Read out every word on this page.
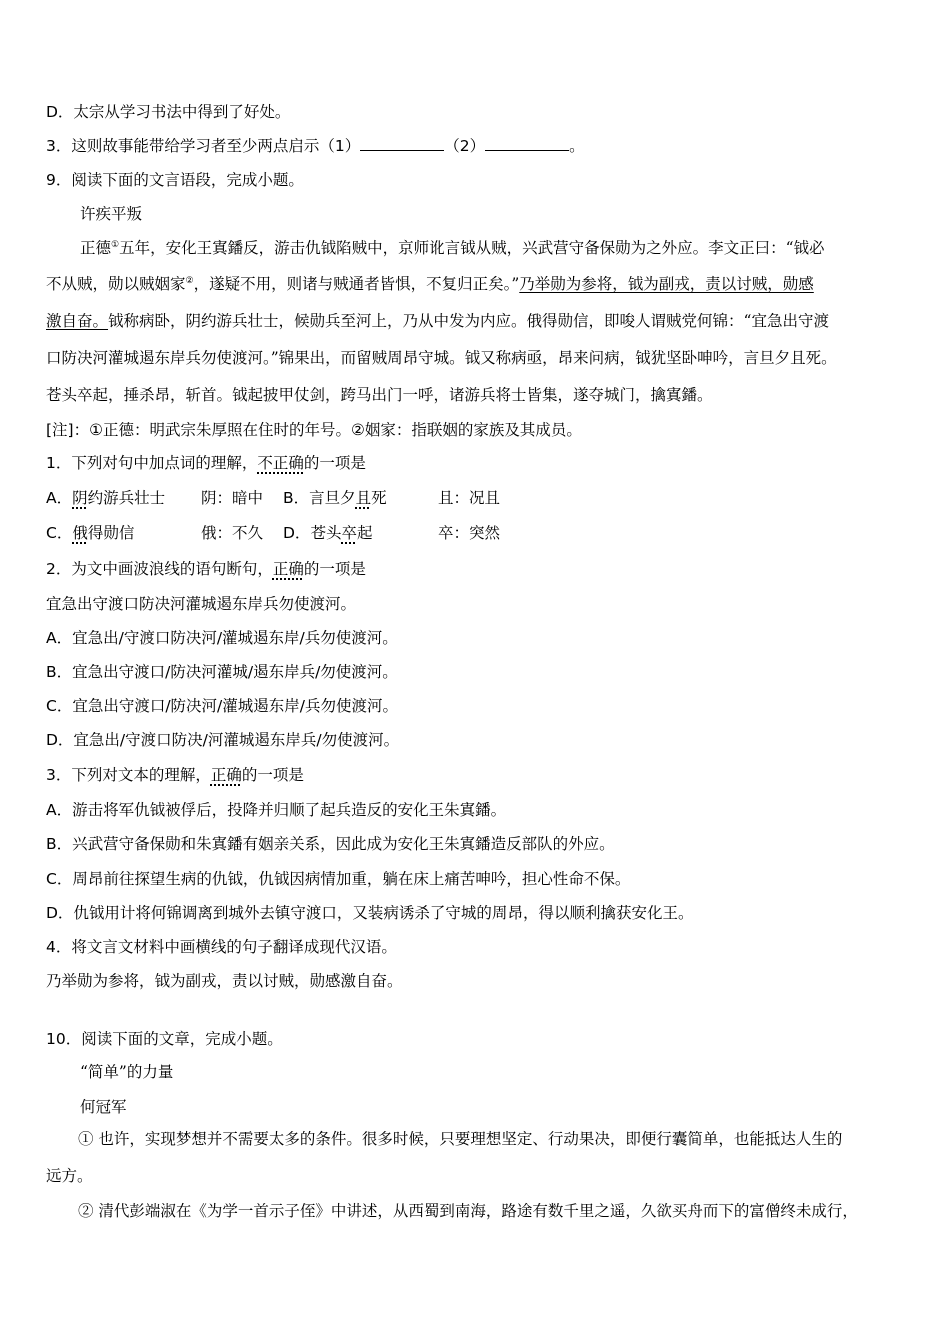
D．太宗从学习书法中得到了好处。
3．这则故事能带给学习者至少两点启示（1）	（2）	。
9．阅读下面的文言语段，完成小题。
许疾平叛
正德①五年，安化王寘鐇反，游击仇钺陷贼中，京师讹言钺从贼，兴武营守备保勋为之外应。李文正曰：“钺必
不从贼，勋以贼姻家②，遂疑不用，则诸与贼通者皆惧，不复归正矣。”乃举勋为参将，钺为副戎，责以讨贼，勋感
激自奋。钺称病卧，阴约游兵壮士，候勋兵至河上，乃从中发为内应。俄得勋信，即唆人谓贼党何锦：“宜急出守渡
口防决河灌城遏东岸兵勿使渡河。”锦果出，而留贼周昂守城。钺又称病亟，昂来问病，钺犹坚卧呻吟，言旦夕且死。
苍头卒起，捶杀昂，斩首。钺起披甲仗剑，跨马出门一呼，诸游兵将士皆集，遂夺城门，擒寘鐇。
[注]：①正德：明武宗朱厚照在住时的年号。②姻家：指联姻的家族及其成员。
1．下列对句中加点词的理解，不正确的一项是
A．阴约游兵壮士 阴：暗中 B．言旦夕且死	且：况且
C．俄得勋信	俄：不久 D．苍头卒起	卒：突然
2．为文中画波浪线的语句断句，正确的一项是
宜急出守渡口防决河灌城遏东岸兵勿使渡河。
A．宜急出/守渡口防决河/灌城遏东岸/兵勿使渡河。
B．宜急出守渡口/防决河灌城/遏东岸兵/勿使渡河。
C．宜急出守渡口/防决河/灌城遏东岸/兵勿使渡河。
D．宜急出/守渡口防决/河灌城遏东岸兵/勿使渡河。
3．下列对文本的理解，正确的一项是
A．游击将军仇钺被俘后，投降并归顺了起兵造反的安化王朱寘鐇。
B．兴武营守备保勋和朱寘鐇有姻亲关系，因此成为安化王朱寘鐇造反部队的外应。
C．周昂前往探望生病的仇钺，仇钺因病情加重，躺在床上痛苦呻吟，担心性命不保。
D．仇钺用计将何锦调离到城外去镇守渡口，又装病诱杀了守城的周昂，得以顺利擒获安化王。
4．将文言文材料中画横线的句子翻译成现代汉语。
乃举勋为参将，钺为副戎，责以讨贼，勋感激自奋。
10．阅读下面的文章，完成小题。
“简单”的力量
何冠军
① 也许，实现梦想并不需要太多的条件。很多时候，只要理想坚定、行动果决，即便行囊简单，也能抵达人生的
远方。
② 清代彭端淑在《为学一首示子侄》中讲述，从西蜀到南海，路途有数千里之遥，久欲买舟而下的富僧终未成行，
